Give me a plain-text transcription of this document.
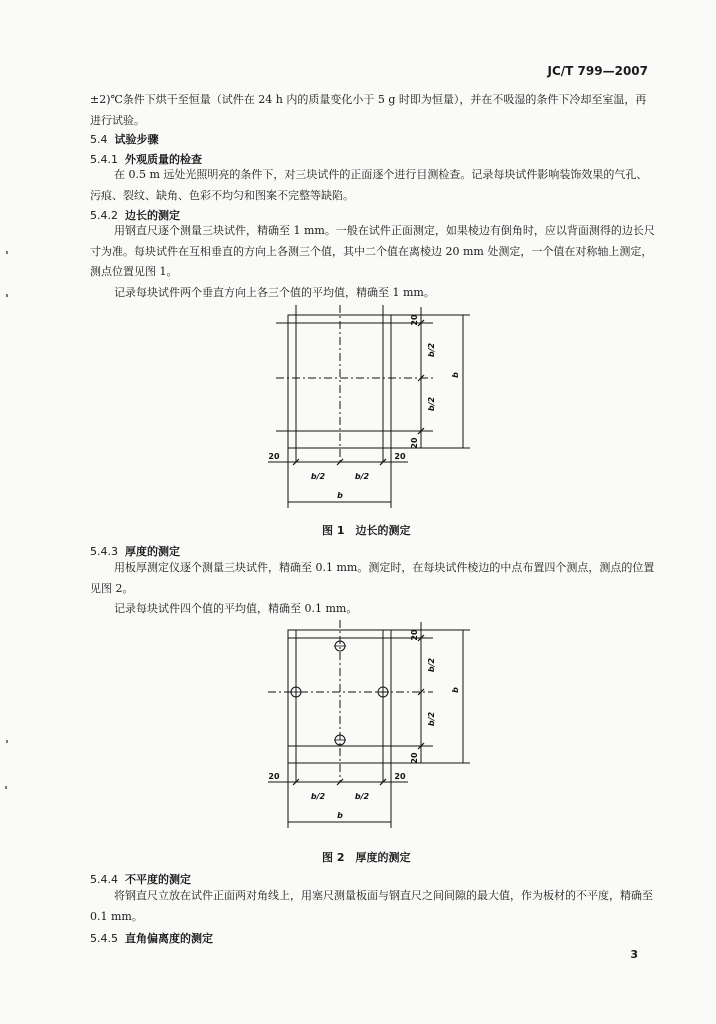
JC/T 799—2007
±2)℃条件下烘干至恒量（试件在 24 h 内的质量变化小于 5 g 时即为恒量），并在不吸湿的条件下冷却至室温，再进行试验。
5.4 试验步骤
5.4.1 外观质量的检查
在 0.5 m 远处光照明亮的条件下，对三块试件的正面逐个进行目测检查。记录每块试件影响装饰效果的气孔、污痕、裂纹、缺角、色彩不均匀和图案不完整等缺陷。
5.4.2 边长的测定
用钢直尺逐个测量三块试件，精确至 1 mm。一般在试件正面测定，如果棱边有倒角时，应以背面测得的边长尺寸为准。每块试件在互相垂直的方向上各测三个值，其中二个值在离棱边 20 mm 处测定，一个值在对称轴上测定，测点位置见图 1。
记录每块试件两个垂直方向上各三个值的平均值，精确至 1 mm。
20
b/2
b/2
20
b
20	20
b/2	b/2
b
图 1　边长的测定
5.4.3 厚度的测定
用板厚测定仪逐个测量三块试件，精确至 0.1 mm。测定时，在每块试件棱边的中点布置四个测点，测点的位置见图 2。
记录每块试件四个值的平均值，精确至 0.1 mm。
20
b/2
b/2
20
b
20	20
b/2	b/2
b
图 2　厚度的测定
5.4.4 不平度的测定
将钢直尺立放在试件正面两对角线上，用塞尺测量板面与钢直尺之间间隙的最大值，作为板材的不平度，精确至 0.1 mm。
5.4.5 直角偏离度的测定
3
